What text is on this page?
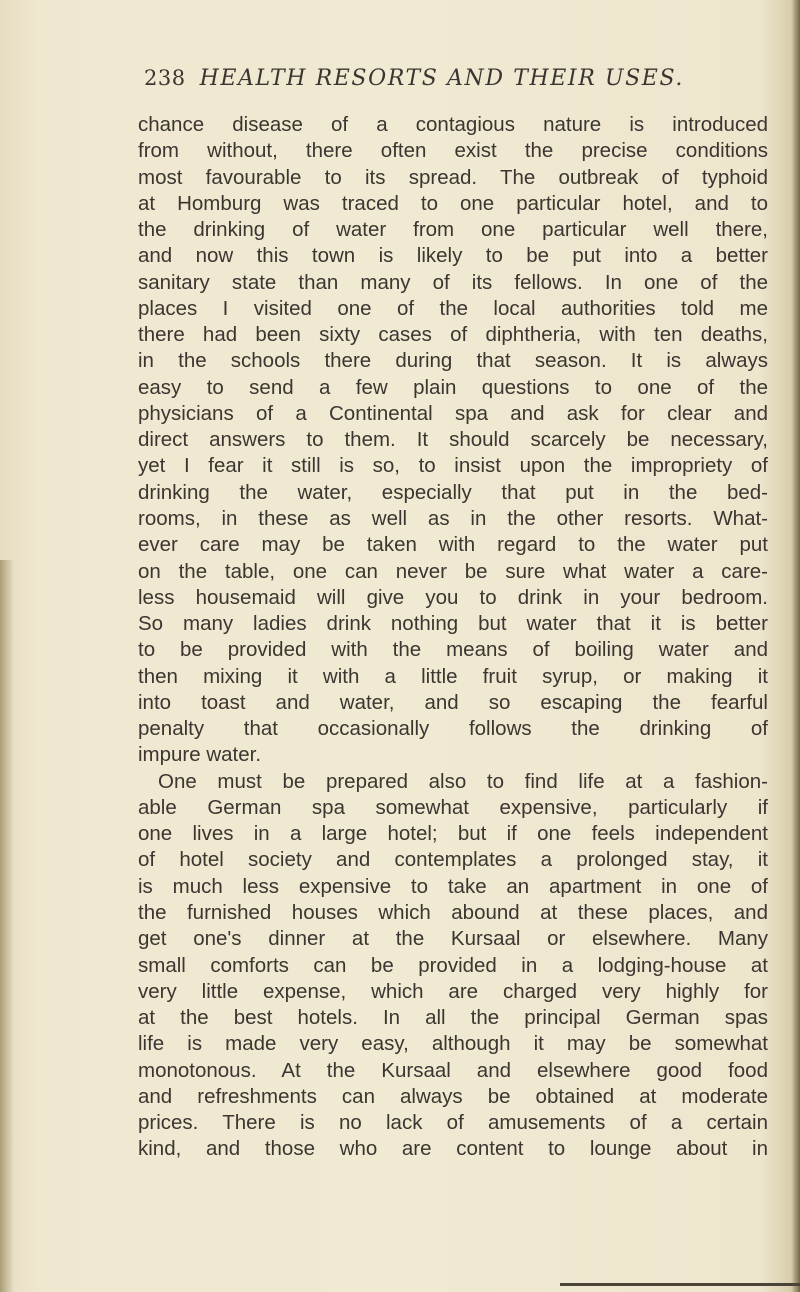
238 HEALTH RESORTS AND THEIR USES.
chance disease of a contagious nature is introduced
from without, there often exist the precise conditions
most favourable to its spread. The outbreak of typhoid
at Homburg was traced to one particular hotel, and to
the drinking of water from one particular well there,
and now this town is likely to be put into a better
sanitary state than many of its fellows. In one of the
places I visited one of the local authorities told me
there had been sixty cases of diphtheria, with ten deaths,
in the schools there during that season. It is always
easy to send a few plain questions to one of the
physicians of a Continental spa and ask for clear and
direct answers to them. It should scarcely be necessary,
yet I fear it still is so, to insist upon the impropriety of
drinking the water, especially that put in the bed-
rooms, in these as well as in the other resorts. What-
ever care may be taken with regard to the water put
on the table, one can never be sure what water a care-
less housemaid will give you to drink in your bedroom.
So many ladies drink nothing but water that it is better
to be provided with the means of boiling water and
then mixing it with a little fruit syrup, or making it
into toast and water, and so escaping the fearful
penalty that occasionally follows the drinking of
impure water.
One must be prepared also to find life at a fashion-
able German spa somewhat expensive, particularly if
one lives in a large hotel; but if one feels independent
of hotel society and contemplates a prolonged stay, it
is much less expensive to take an apartment in one of
the furnished houses which abound at these places, and
get one's dinner at the Kursaal or elsewhere. Many
small comforts can be provided in a lodging-house at
very little expense, which are charged very highly for
at the best hotels. In all the principal German spas
life is made very easy, although it may be somewhat
monotonous. At the Kursaal and elsewhere good food
and refreshments can always be obtained at moderate
prices. There is no lack of amusements of a certain
kind, and those who are content to lounge about in
